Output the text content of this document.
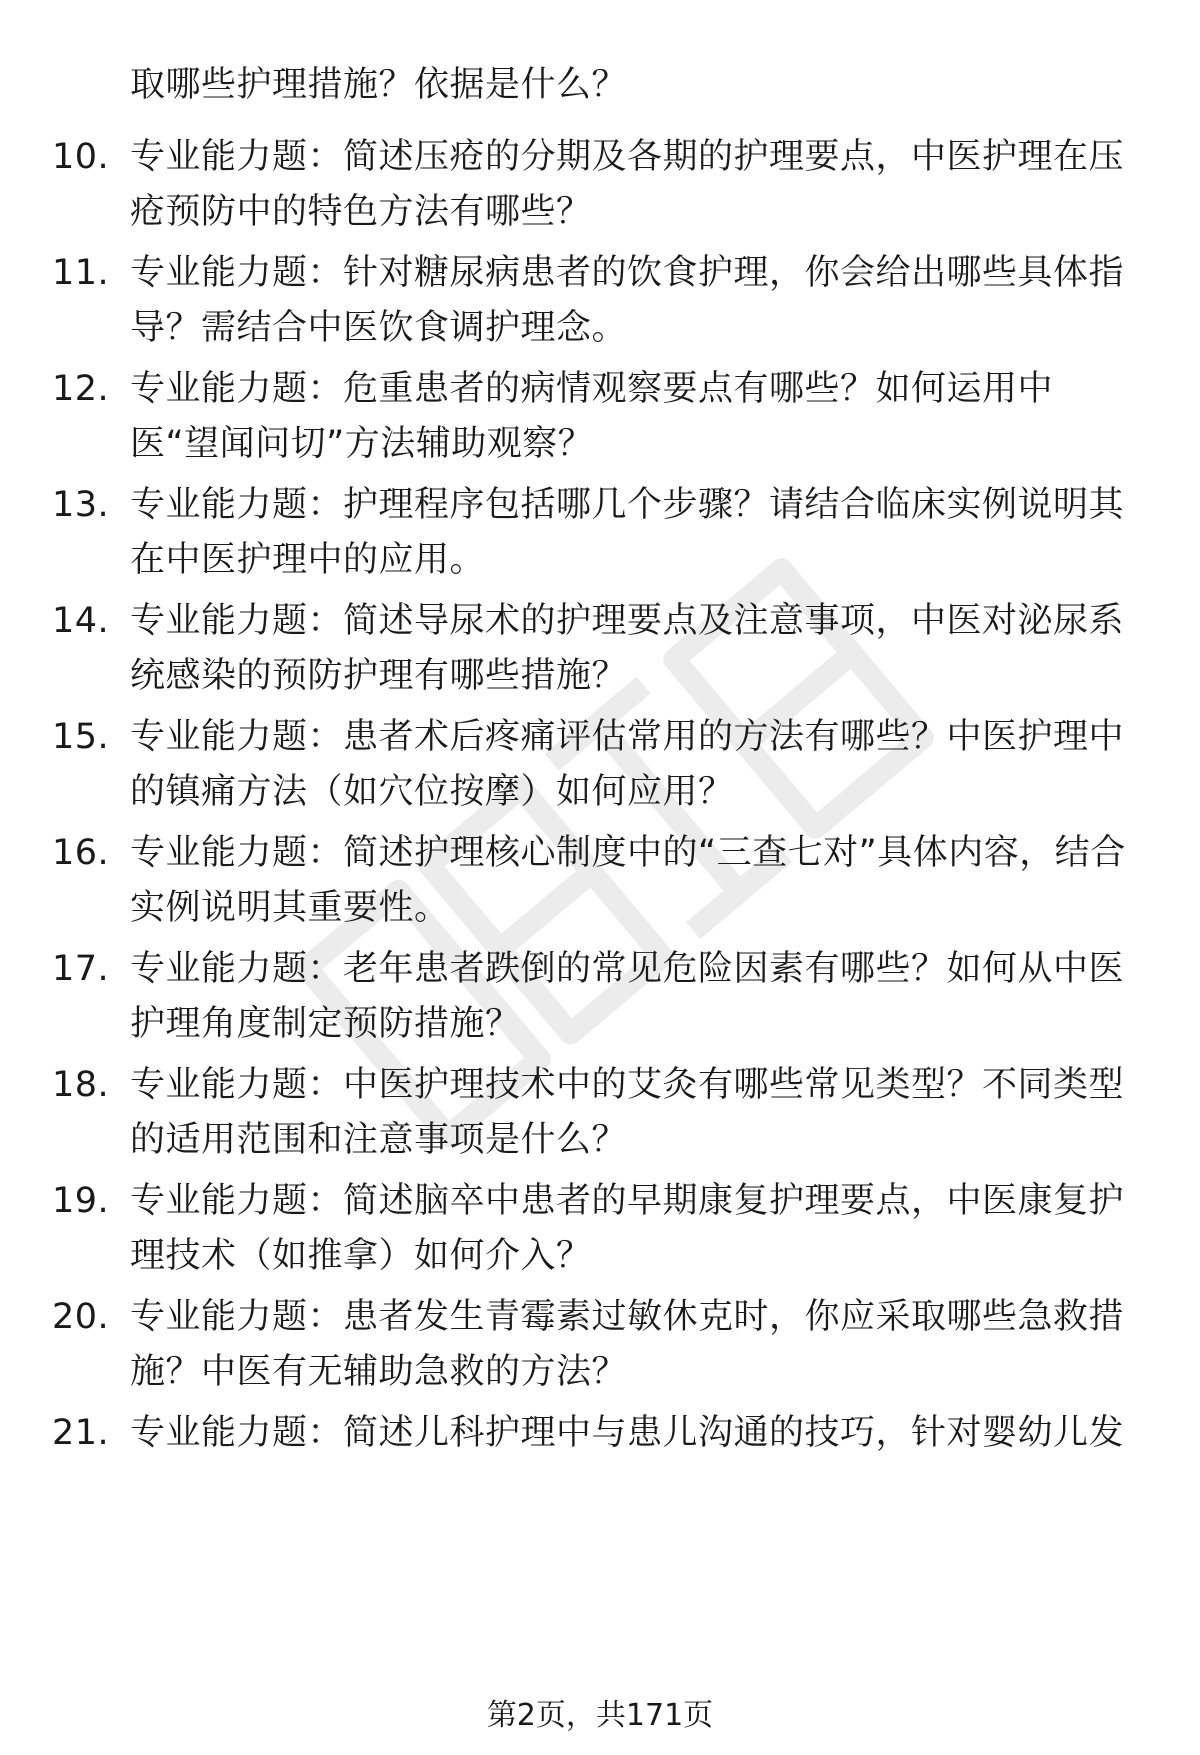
取哪些护理措施？依据是什么？
10. 专业能力题：简述压疮的分期及各期的护理要点，中医护理在压疮预防中的特色方法有哪些？
11. 专业能力题：针对糖尿病患者的饮食护理，你会给出哪些具体指导？需结合中医饮食调护理念。
12. 专业能力题：危重患者的病情观察要点有哪些？如何运用中医“望闻问切”方法辅助观察？
13. 专业能力题：护理程序包括哪几个步骤？请结合临床实例说明其在中医护理中的应用。
14. 专业能力题：简述导尿术的护理要点及注意事项，中医对泌尿系统感染的预防护理有哪些措施？
15. 专业能力题：患者术后疼痛评估常用的方法有哪些？中医护理中的镇痛方法（如穴位按摩）如何应用？
16. 专业能力题：简述护理核心制度中的“三查七对”具体内容，结合实例说明其重要性。
17. 专业能力题：老年患者跌倒的常见危险因素有哪些？如何从中医护理角度制定预防措施？
18. 专业能力题：中医护理技术中的艾灸有哪些常见类型？不同类型的适用范围和注意事项是什么？
19. 专业能力题：简述脑卒中患者的早期康复护理要点，中医康复护理技术（如推拿）如何介入？
20. 专业能力题：患者发生青霉素过敏休克时，你应采取哪些急救措施？中医有无辅助急救的方法？
21. 专业能力题：简述儿科护理中与患儿沟通的技巧，针对婴幼儿发
第2页，共171页
